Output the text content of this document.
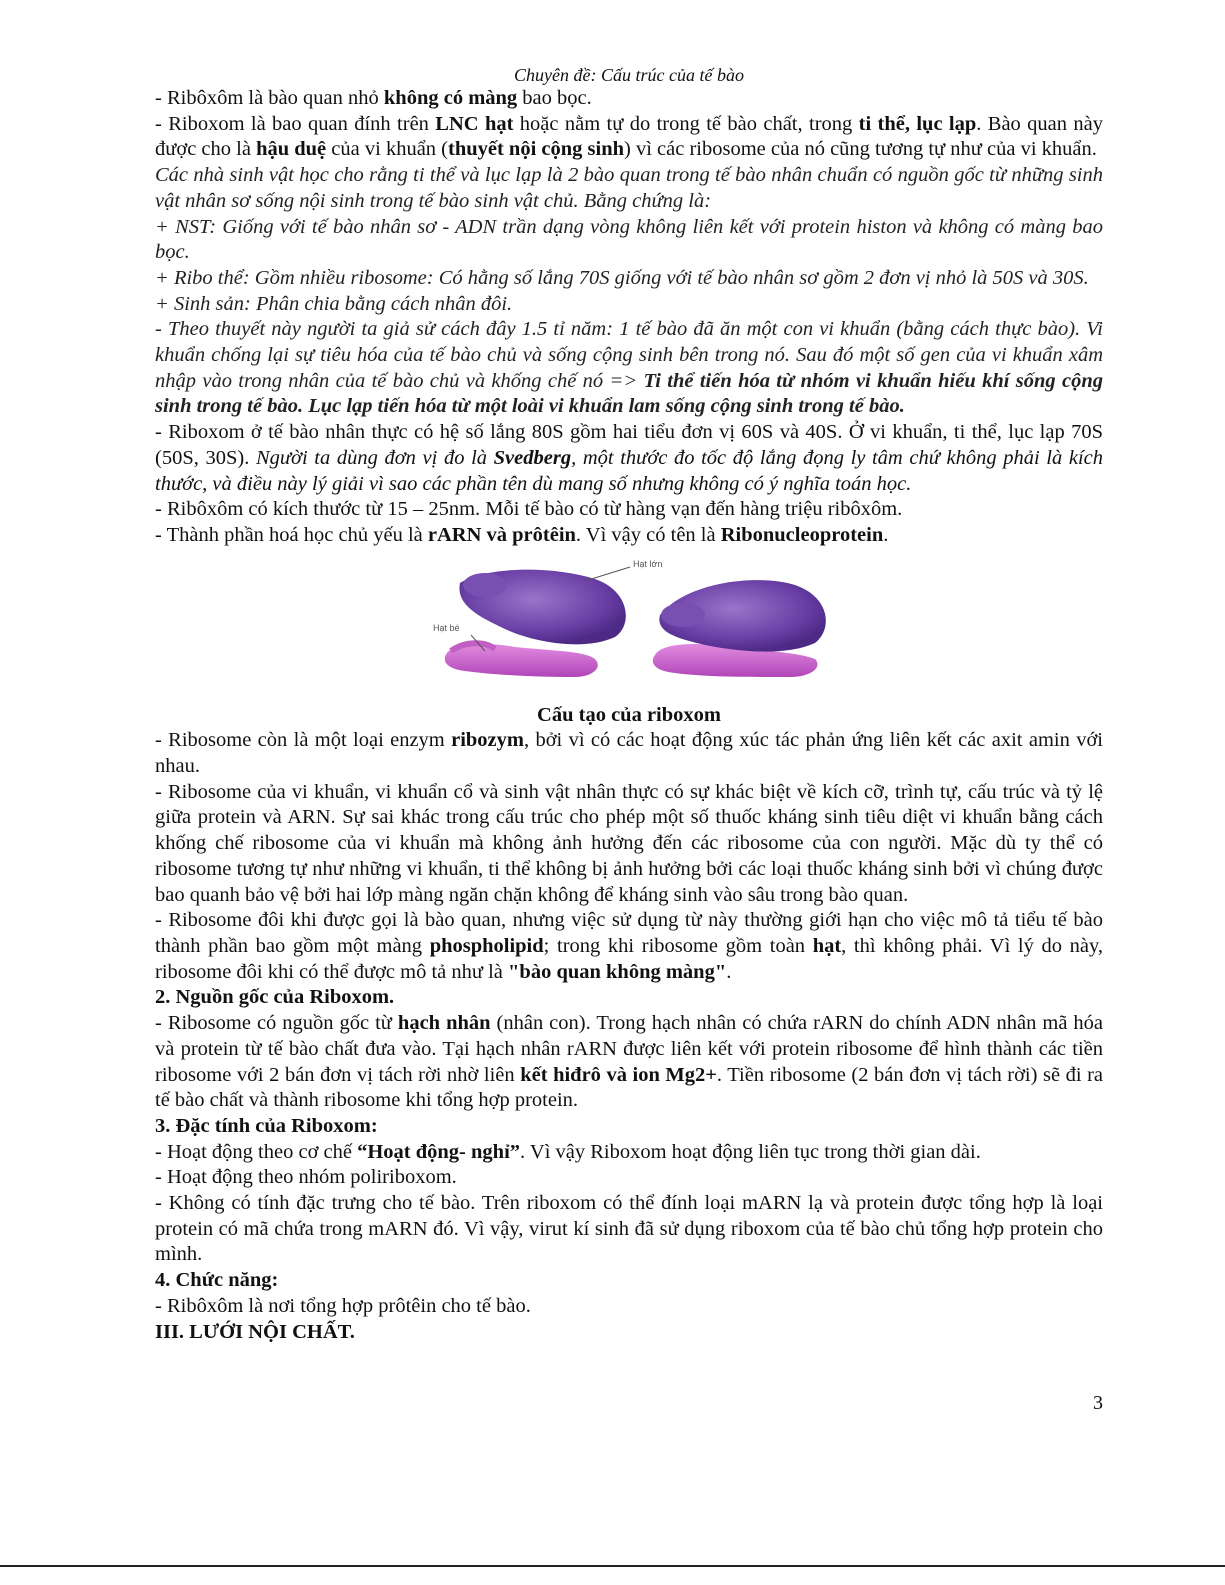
Chuyên đề: Cấu trúc của tế bào

- Ribôxôm là bào quan nhỏ không có màng bao bọc.

- Riboxom là bao quan đính trên LNC hạt hoặc nằm tự do trong tế bào chất, trong ti thể, lục lạp. Bào quan này được cho là hậu duệ của vi khuẩn (thuyết nội cộng sinh) vì các ribosome của nó cũng tương tự như của vi khuẩn.

Các nhà sinh vật học cho rằng ti thể và lục lạp là 2 bào quan trong tế bào nhân chuẩn có nguồn gốc từ những sinh vật nhân sơ sống nội sinh trong tế bào sinh vật chủ. Bằng chứng là:

+ NST: Giống với tế bào nhân sơ - ADN trần dạng vòng không liên kết với protein histon và không có màng bao bọc.

+ Ribo thể: Gồm nhiều ribosome: Có hằng số lắng 70S giống với tế bào nhân sơ gồm 2 đơn vị nhỏ là 50S và 30S.

+ Sinh sản: Phân chia bằng cách nhân đôi.

- Theo thuyết này người ta giả sử cách đây 1.5 tỉ năm: 1 tế bào đã ăn một con vi khuẩn (bằng cách thực bào). Vi khuẩn chống lại sự tiêu hóa của tế bào chủ và sống cộng sinh bên trong nó. Sau đó một số gen của vi khuẩn xâm nhập vào trong nhân của tế bào chủ và khống chế nó => Ti thể tiến hóa từ nhóm vi khuẩn hiếu khí sống cộng sinh trong tế bào. Lục lạp tiến hóa từ một loài vi khuẩn lam sống cộng sinh trong tế bào.

- Riboxom ở tế bào nhân thực có hệ số lắng 80S gồm hai tiểu đơn vị 60S và 40S. Ở vi khuẩn, ti thể, lục lạp 70S (50S, 30S). Người ta dùng đơn vị đo là Svedberg, một thước đo tốc độ lắng đọng ly tâm chứ không phải là kích thước, và điều này lý giải vì sao các phần tên dù mang số nhưng không có ý nghĩa toán học.

- Ribôxôm có kích thước từ 15 – 25nm. Mỗi tế bào có từ hàng vạn đến hàng triệu ribôxôm.

- Thành phần hoá học chủ yếu là rARN và prôtêin. Vì vậy có tên là Ribonucleoprotein.

Hạt lớn
Hạt bé
Cấu tạo của riboxom

- Ribosome còn là một loại enzym ribozym, bởi vì có các hoạt động xúc tác phản ứng liên kết các axit amin với nhau.

- Ribosome của vi khuẩn, vi khuẩn cổ và sinh vật nhân thực có sự khác biệt về kích cỡ, trình tự, cấu trúc và tỷ lệ giữa protein và ARN. Sự sai khác trong cấu trúc cho phép một số thuốc kháng sinh tiêu diệt vi khuẩn bằng cách khống chế ribosome của vi khuẩn mà không ảnh hưởng đến các ribosome của con người. Mặc dù ty thể có ribosome tương tự như những vi khuẩn, ti thể không bị ảnh hưởng bởi các loại thuốc kháng sinh bởi vì chúng được bao quanh bảo vệ bởi hai lớp màng ngăn chặn không để kháng sinh vào sâu trong bào quan.

- Ribosome đôi khi được gọi là bào quan, nhưng việc sử dụng từ này thường giới hạn cho việc mô tả tiểu tế bào thành phần bao gồm một màng phospholipid; trong khi ribosome gồm toàn hạt, thì không phải. Vì lý do này, ribosome đôi khi có thể được mô tả như là "bào quan không màng".

2. Nguồn gốc của Riboxom.

- Ribosome có nguồn gốc từ hạch nhân (nhân con). Trong hạch nhân có chứa rARN do chính ADN nhân mã hóa và protein từ tế bào chất đưa vào. Tại hạch nhân rARN được liên kết với protein ribosome để hình thành các tiền ribosome với 2 bán đơn vị tách rời nhờ liên kết hiđrô và ion Mg2+. Tiền ribosome (2 bán đơn vị tách rời) sẽ đi ra tế bào chất và thành ribosome khi tổng hợp protein.

3. Đặc tính của Riboxom:

- Hoạt động theo cơ chế “Hoạt động- nghỉ”. Vì vậy Riboxom hoạt động liên tục trong thời gian dài.

- Hoạt động theo nhóm poliriboxom.

- Không có tính đặc trưng cho tế bào. Trên riboxom có thể đính loại mARN lạ và protein được tổng hợp là loại protein có mã chứa trong mARN đó. Vì vậy, virut kí sinh đã sử dụng riboxom của tế bào chủ tổng hợp protein cho mình.

4. Chức năng:

- Ribôxôm là nơi tổng hợp prôtêin cho tế bào.

III. LƯỚI NỘI CHẤT.

3
